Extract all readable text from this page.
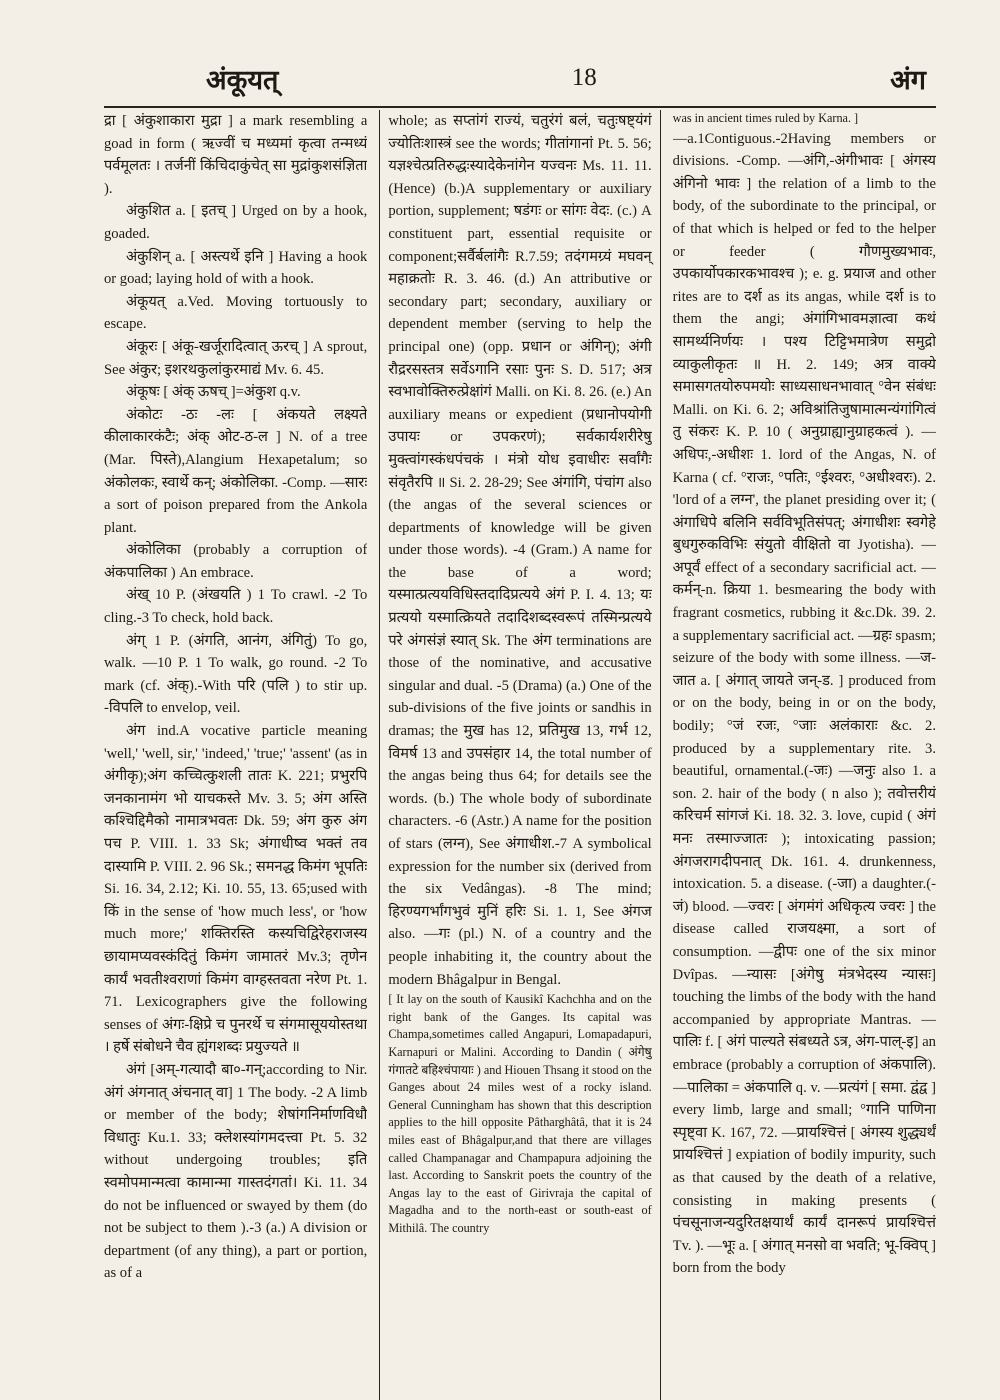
अंकूयत्	18	अंग

द्रा [ अंकुशाकारा मुद्रा ] a mark resembling a goad in form ( ऋज्वीं च मध्यमां कृत्वा तन्मध्यं पर्वमूलतः । तर्जनीं किंचिदाकुंचेत् सा मुद्रांकुशसंज्ञिता ).

अंकुशित a. [ इतच् ] Urged on by a hook, goaded.

अंकुशिन् a. [ अस्त्यर्थे इनि ] Having a hook or goad; laying hold of with a hook.

अंकूयत् a.Ved. Moving tortuously to escape.

अंकूरः [ अंकू-खर्जूरादित्वात् ऊरच् ] A sprout, See अंकुर; इशरथकुलांकुरमाद्यं Mv. 6. 45.

अंकूषः [ अंक् ऊषच् ]=अंकुश q.v.

अंकोटः -ठः -लः [ अंकयते लक्ष्यते कीलाकारकंटैः; अंक् ओट-ठ-ल ] N. of a tree (Mar. पिस्ते),Alangium Hexapetalum; so अंकोलकः, स्वार्थे कन्; अंकोलिका. -Comp. —सारः a sort of poison prepared from the Ankola plant.

अंकोलिका (probably a corruption of अंकपालिका ) An embrace.

अंख् 10 P. (अंखयति ) 1 To crawl. -2 To cling.-3 To check, hold back.

अंग् 1 P. (अंगति, आनंग, अंगितुं) To go, walk. —10 P. 1 To walk, go round. -2 To mark (cf. अंक्).-With परि (पलि ) to stir up. -विपलि to envelop, veil.

अंग ind.A vocative particle meaning 'well,' 'well, sir,' 'indeed,' 'true;' 'assent' (as in अंगीकृ);अंग कच्चित्कुशली तातः K. 221; प्रभुरपि जनकानामंग भो याचकस्ते Mv. 3. 5; अंग अस्ति कश्चिद्दिमैको नामात्रभवतः Dk. 59; अंग कुरु अंग पच P. VIII. 1. 33 Sk; अंगाधीष्व भक्तं तव दास्यामि P. VIII. 2. 96 Sk.; समनद्ध किमंग भूपतिः Si. 16. 34, 2.12; Ki. 10. 55, 13. 65;used with किं in the sense of 'how much less', or 'how much more;' शक्तिरस्ति कस्यचिद्विरेहराजस्य छायामप्यवस्कंदितुं किमंग जामातरं Mv.3; तृणेन कार्यं भवतीश्वराणां किमंग वाग्हस्तवता नरेण Pt. 1. 71. Lexicographers give the following senses of अंगः-क्षिप्रे च पुनरर्थे च संगमासूययोस्तथा । हर्षे संबोधने चैव ह्यंगशब्दः प्रयुज्यते ॥

अंगं [अम्-गत्यादौ बा०-गन्;according to Nir. अंगं अंगनात् अंचनात् वा] 1 The body. -2 A limb or member of the body; शेषांगनिर्माणविधौ विधातुः Ku.1. 33; क्लेशस्यांगमदत्त्वा Pt. 5. 32 without undergoing troubles; इति स्वमोपमान्मत्वा कामान्मा गास्तदंगतां। Ki. 11. 34 do not be influenced or swayed by them (do not be subject to them ).-3 (a.) A division or department (of any thing), a part or portion, as of a

whole; as सप्तांगं राज्यं, चतुरंगं बलं, चतुःषष्ट्यंगं ज्योतिःशास्त्रं see the words; गीतांगानां Pt. 5. 56; यज्ञश्चेत्प्रतिरुद्धःस्यादेकेनांगेन यज्वनः Ms. 11. 11. (Hence) (b.)A supplementary or auxiliary portion, supplement; षडंगः or सांगः वेदः. (c.) A constituent part, essential requisite or component;सर्वैर्बलांगैः R.7.59; तदंगमग्र्यं मघवन् महाक्रतोः R. 3. 46. (d.) An attributive or secondary part; secondary, auxiliary or dependent member (serving to help the principal one) (opp. प्रधान or अंगिन्); अंगी रौद्ररसस्तत्र सर्वेऽगानि रसाः पुनः S. D. 517; अत्र स्वभावोक्तिरुत्प्रेक्षांगं Malli. on Ki. 8. 26. (e.) An auxiliary means or expedient (प्रधानोपयोगी उपायः or उपकरणं); सर्वकार्यशरीरेषु मुक्त्वांगस्कंधपंचकं । मंत्रो योध इवाधीरः सर्वांगैः संवृतैरपि ॥ Si. 2. 28-29; See अंगांगि, पंचांग also (the angas of the several sciences or departments of knowledge will be given under those words). -4 (Gram.) A name for the base of a word; यस्मात्प्रत्ययविधिस्तदादिप्रत्यये अंगं P. I. 4. 13; यः प्रत्ययो यस्मात्क्रियते तदादिशब्दस्वरूपं तस्मिन्प्रत्यये परे अंगसंज्ञं स्यात् Sk. The अंग terminations are those of the nominative, and accusative singular and dual. -5 (Drama) (a.) One of the sub-divisions of the five joints or sandhis in dramas; the मुख has 12, प्रतिमुख 13, गर्भ 12, विमर्ष 13 and उपसंहार 14, the total number of the angas being thus 64; for details see the words. (b.) The whole body of subordinate characters. -6 (Astr.) A name for the position of stars (लग्न), See अंगाधीश.-7 A symbolical expression for the number six (derived from the six Vedângas). -8 The mind; हिरण्यगर्भांगभुवं मुनिं हरिः Si. 1. 1, See अंगज also. —गः (pl.) N. of a country and the people inhabiting it, the country about the modern Bhâgalpur in Bengal.

[ It lay on the south of Kausikî Kachchha and on the right bank of the Ganges. Its capital was Champa,sometimes called Angapuri, Lomapadapuri, Karnapuri or Malini. According to Dandin ( अंगेषु गंगातटे बहिश्चंपायाः ) and Hiouen Thsang it stood on the Ganges about 24 miles west of a rocky island. General Cunningham has shown that this description applies to the hill opposite Pâtharghâtâ, that it is 24 miles east of Bhâgalpur,and that there are villages called Champanagar and Champapura adjoining the last. According to Sanskrit poets the country of the Angas lay to the east of Girivraja the capital of Magadha and to the north-east or south-east of Mithilâ. The country

was in ancient times ruled by Karna. ]

—a.1Contiguous.-2Having members or divisions. -Comp. —अंगि,-अंगीभावः [ अंगस्य अंगिनो भावः ] the relation of a limb to the body, of the subordinate to the principal, or of that which is helped or fed to the helper or feeder ( गौणमुख्यभावः, उपकार्योपकारकभावश्च ); e. g. प्रयाज and other rites are to दर्श as its angas, while दर्श is to them the angi; अंगांगिभावमज्ञात्वा कथं सामर्थ्यनिर्णयः । पश्य टिट्टिभमात्रेण समुद्रो व्याकुलीकृतः ॥ H. 2. 149; अत्र वाक्ये समासगतयोरुपमयोः साध्यसाधनभावात् °वेन संबंधः Malli. on Ki. 6. 2; अविश्रांतिजुषामात्मन्यंगांगित्वं तु संकरः K. P. 10 ( अनुग्राह्यानुग्राहकत्वं ). —अधिपः,-अधीशः 1. lord of the Angas, N. of Karna ( cf. °राजः, °पतिः, °ईश्वरः, °अधीश्वरः). 2. 'lord of a लग्न', the planet presiding over it; ( अंगाधिपे बलिनि सर्वविभूतिसंपत्; अंगाधीशः स्वगेहे बुधगुरुकविभिः संयुतो वीक्षितो वा Jyotisha). —अपूर्वं effect of a secondary sacrificial act. —कर्मन्-n. क्रिया 1. besmearing the body with fragrant cosmetics, rubbing it &c.Dk. 39. 2. a supplementary sacrificial act. —ग्रहः spasm; seizure of the body with some illness. —ज-जात a. [ अंगात् जायते जन्-ड. ] produced from or on the body, being in or on the body, bodily; °जं रजः, °जाः अलंकाराः &c. 2. produced by a supplementary rite. 3. beautiful, ornamental.(-जः) —जनुः also 1. a son. 2. hair of the body ( n also ); तवोत्तरीयं करिचर्म सांगजं Ki. 18. 32. 3. love, cupid ( अंगं मनः तस्माज्जातः ); intoxicating passion; अंगजरागदीपनात् Dk. 161. 4. drunkenness, intoxication. 5. a disease. (-जा) a daughter.(-जं) blood. —ज्वरः [ अंगमंगं अधिकृत्य ज्वरः ] the disease called राजयक्ष्मा, a sort of consumption. —द्वीपः one of the six minor Dvîpas. —न्यासः [अंगेषु मंत्रभेदस्य न्यासः] touching the limbs of the body with the hand accompanied by appropriate Mantras. —पालिः f. [ अंगं पाल्यते संबध्यते ऽत्र, अंग-पाल्-इ] an embrace (probably a corruption of अंकपालि). —पालिका = अंकपालि q. v. —प्रत्यंगं [ समा. द्वंद्व ] every limb, large and small; °गानि पाणिना स्पृष्ट्वा K. 167, 72. —प्रायश्चित्तं [ अंगस्य शुद्ध्यर्थं प्रायश्चित्तं ] expiation of bodily impurity, such as that caused by the death of a relative, consisting in making presents ( पंचसूनाजन्यदुरितक्षयार्थं कार्यं दानरूपं प्रायश्चित्तं Tv. ). —भूः a. [ अंगात् मनसो वा भवति; भू-क्विप् ] born from the body
